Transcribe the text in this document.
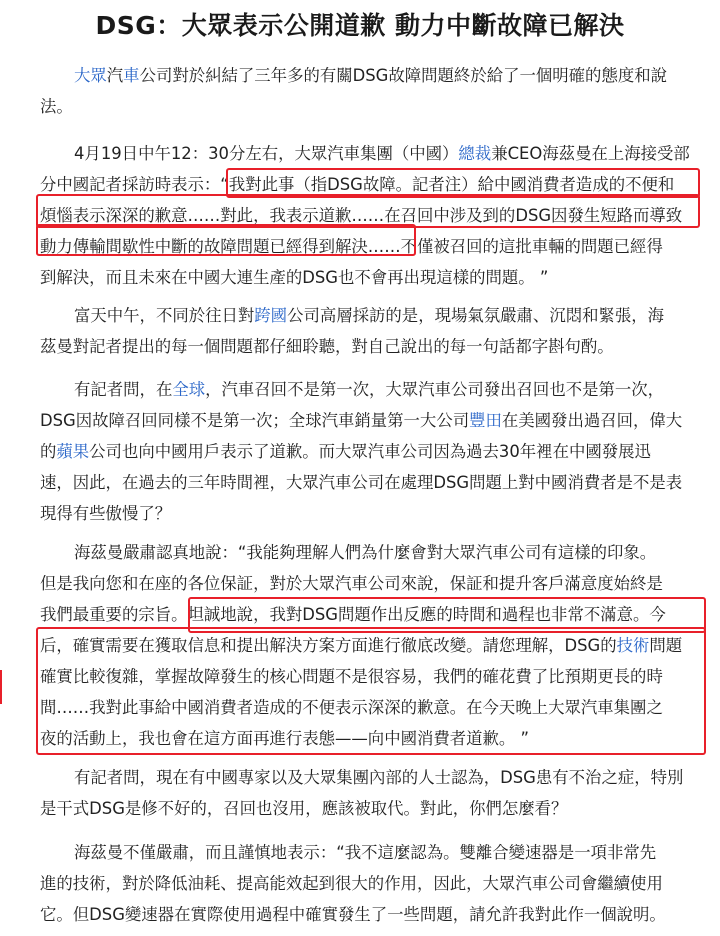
DSG：大眾表示公開道歉 動力中斷故障已解決
大眾汽車公司對於糾結了三年多的有關DSG故障問題終於給了一個明確的態度和說
法。
4月19日中午12：30分左右，大眾汽車集團（中國）總裁兼CEO海茲曼在上海接受部
分中國記者採訪時表示：“我對此事（指DSG故障。記者注）給中國消費者造成的不便和
煩惱表示深深的歉意……對此，我表示道歉……在召回中涉及到的DSG因發生短路而導致
動力傳輸間歇性中斷的故障問題已經得到解決……不僅被召回的這批車輛的問題已經得
到解決，而且未來在中國大連生產的DSG也不會再出現這樣的問題。 ”
富天中午，不同於往日對跨國公司高層採訪的是，現場氣氛嚴肅、沉悶和緊張，海
茲曼對記者提出的每一個問題都仔細聆聽，對自己說出的每一句話都字斟句酌。
有記者問，在全球，汽車召回不是第一次，大眾汽車公司發出召回也不是第一次，
DSG因故障召回同樣不是第一次；全球汽車銷量第一大公司豐田在美國發出過召回，偉大
的蘋果公司也向中國用戶表示了道歉。而大眾汽車公司因為過去30年裡在中國發展迅
速，因此，在過去的三年時間裡，大眾汽車公司在處理DSG問題上對中國消費者是不是表
現得有些傲慢了？
海茲曼嚴肅認真地說：“我能夠理解人們為什麼會對大眾汽車公司有這樣的印象。
但是我向您和在座的各位保証，對於大眾汽車公司來說，保証和提升客戶滿意度始終是
我們最重要的宗旨。坦誠地說，我對DSG問題作出反應的時間和過程也非常不滿意。今
后，確實需要在獲取信息和提出解決方案方面進行徹底改變。請您理解，DSG的技術問題
確實比較復雜，掌握故障發生的核心問題不是很容易，我們的確花費了比預期更長的時
間……我對此事給中國消費者造成的不便表示深深的歉意。在今天晚上大眾汽車集團之
夜的活動上，我也會在這方面再進行表態——向中國消費者道歉。 ”
有記者問，現在有中國專家以及大眾集團內部的人士認為，DSG患有不治之症，特別
是干式DSG是修不好的，召回也沒用，應該被取代。對此，你們怎麼看？
海茲曼不僅嚴肅，而且謹慎地表示：“我不這麼認為。雙離合變速器是一項非常先
進的技術，對於降低油耗、提高能效起到很大的作用，因此，大眾汽車公司會繼續使用
它。但DSG變速器在實際使用過程中確實發生了一些問題，請允許我對此作一個說明。
